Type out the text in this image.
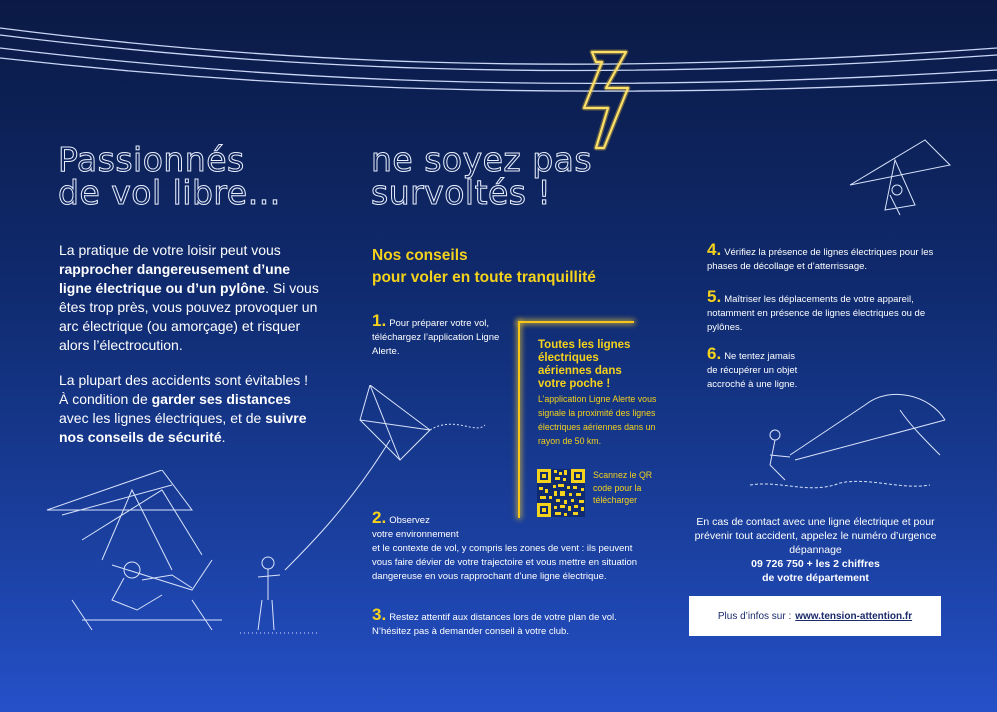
Passionnés
de vol libre…
ne soyez pas
survoltés !

La pratique de votre loisir peut vous rapprocher dangereusement d’une ligne électrique ou d’un pylône. Si vous êtes trop près, vous pouvez provoquer un arc électrique (ou amorçage) et risquer alors l’électrocution.

La plupart des accidents sont évitables ! À condition de garder ses distances avec les lignes électriques, et de suivre nos conseils de sécurité.

Nos conseils
pour voler en toute tranquillité

1. Pour préparer votre vol, téléchargez l’application Ligne Alerte.

2. Observez
votre environnement
et le contexte de vol, y compris les zones de vent : ils peuvent vous faire dévier de votre trajectoire et vous mettre en situation dangereuse en vous rapprochant d’une ligne électrique.

3. Restez attentif aux distances lors de votre plan de vol. N’hésitez pas à demander conseil à votre club.

4. Vérifiez la présence de lignes électriques pour les phases de décollage et d’atterrissage.

5. Maîtriser les déplacements de votre appareil, notamment en présence de lignes électriques ou de pylônes.

6. Ne tentez jamais
de récupérer un objet accroché à une ligne.

Toutes les lignes électriques aériennes dans votre poche !

L’application Ligne Alerte vous signale la proximité des lignes électriques aériennes dans un rayon de 50 km.

Scannez le QR code pour la télécharger

En cas de contact avec une ligne électrique et pour prévenir tout accident, appelez le numéro d’urgence dépannage
09 726 750 + les 2 chiffres
de votre département

Plus d’infos sur : www.tension-attention.fr
